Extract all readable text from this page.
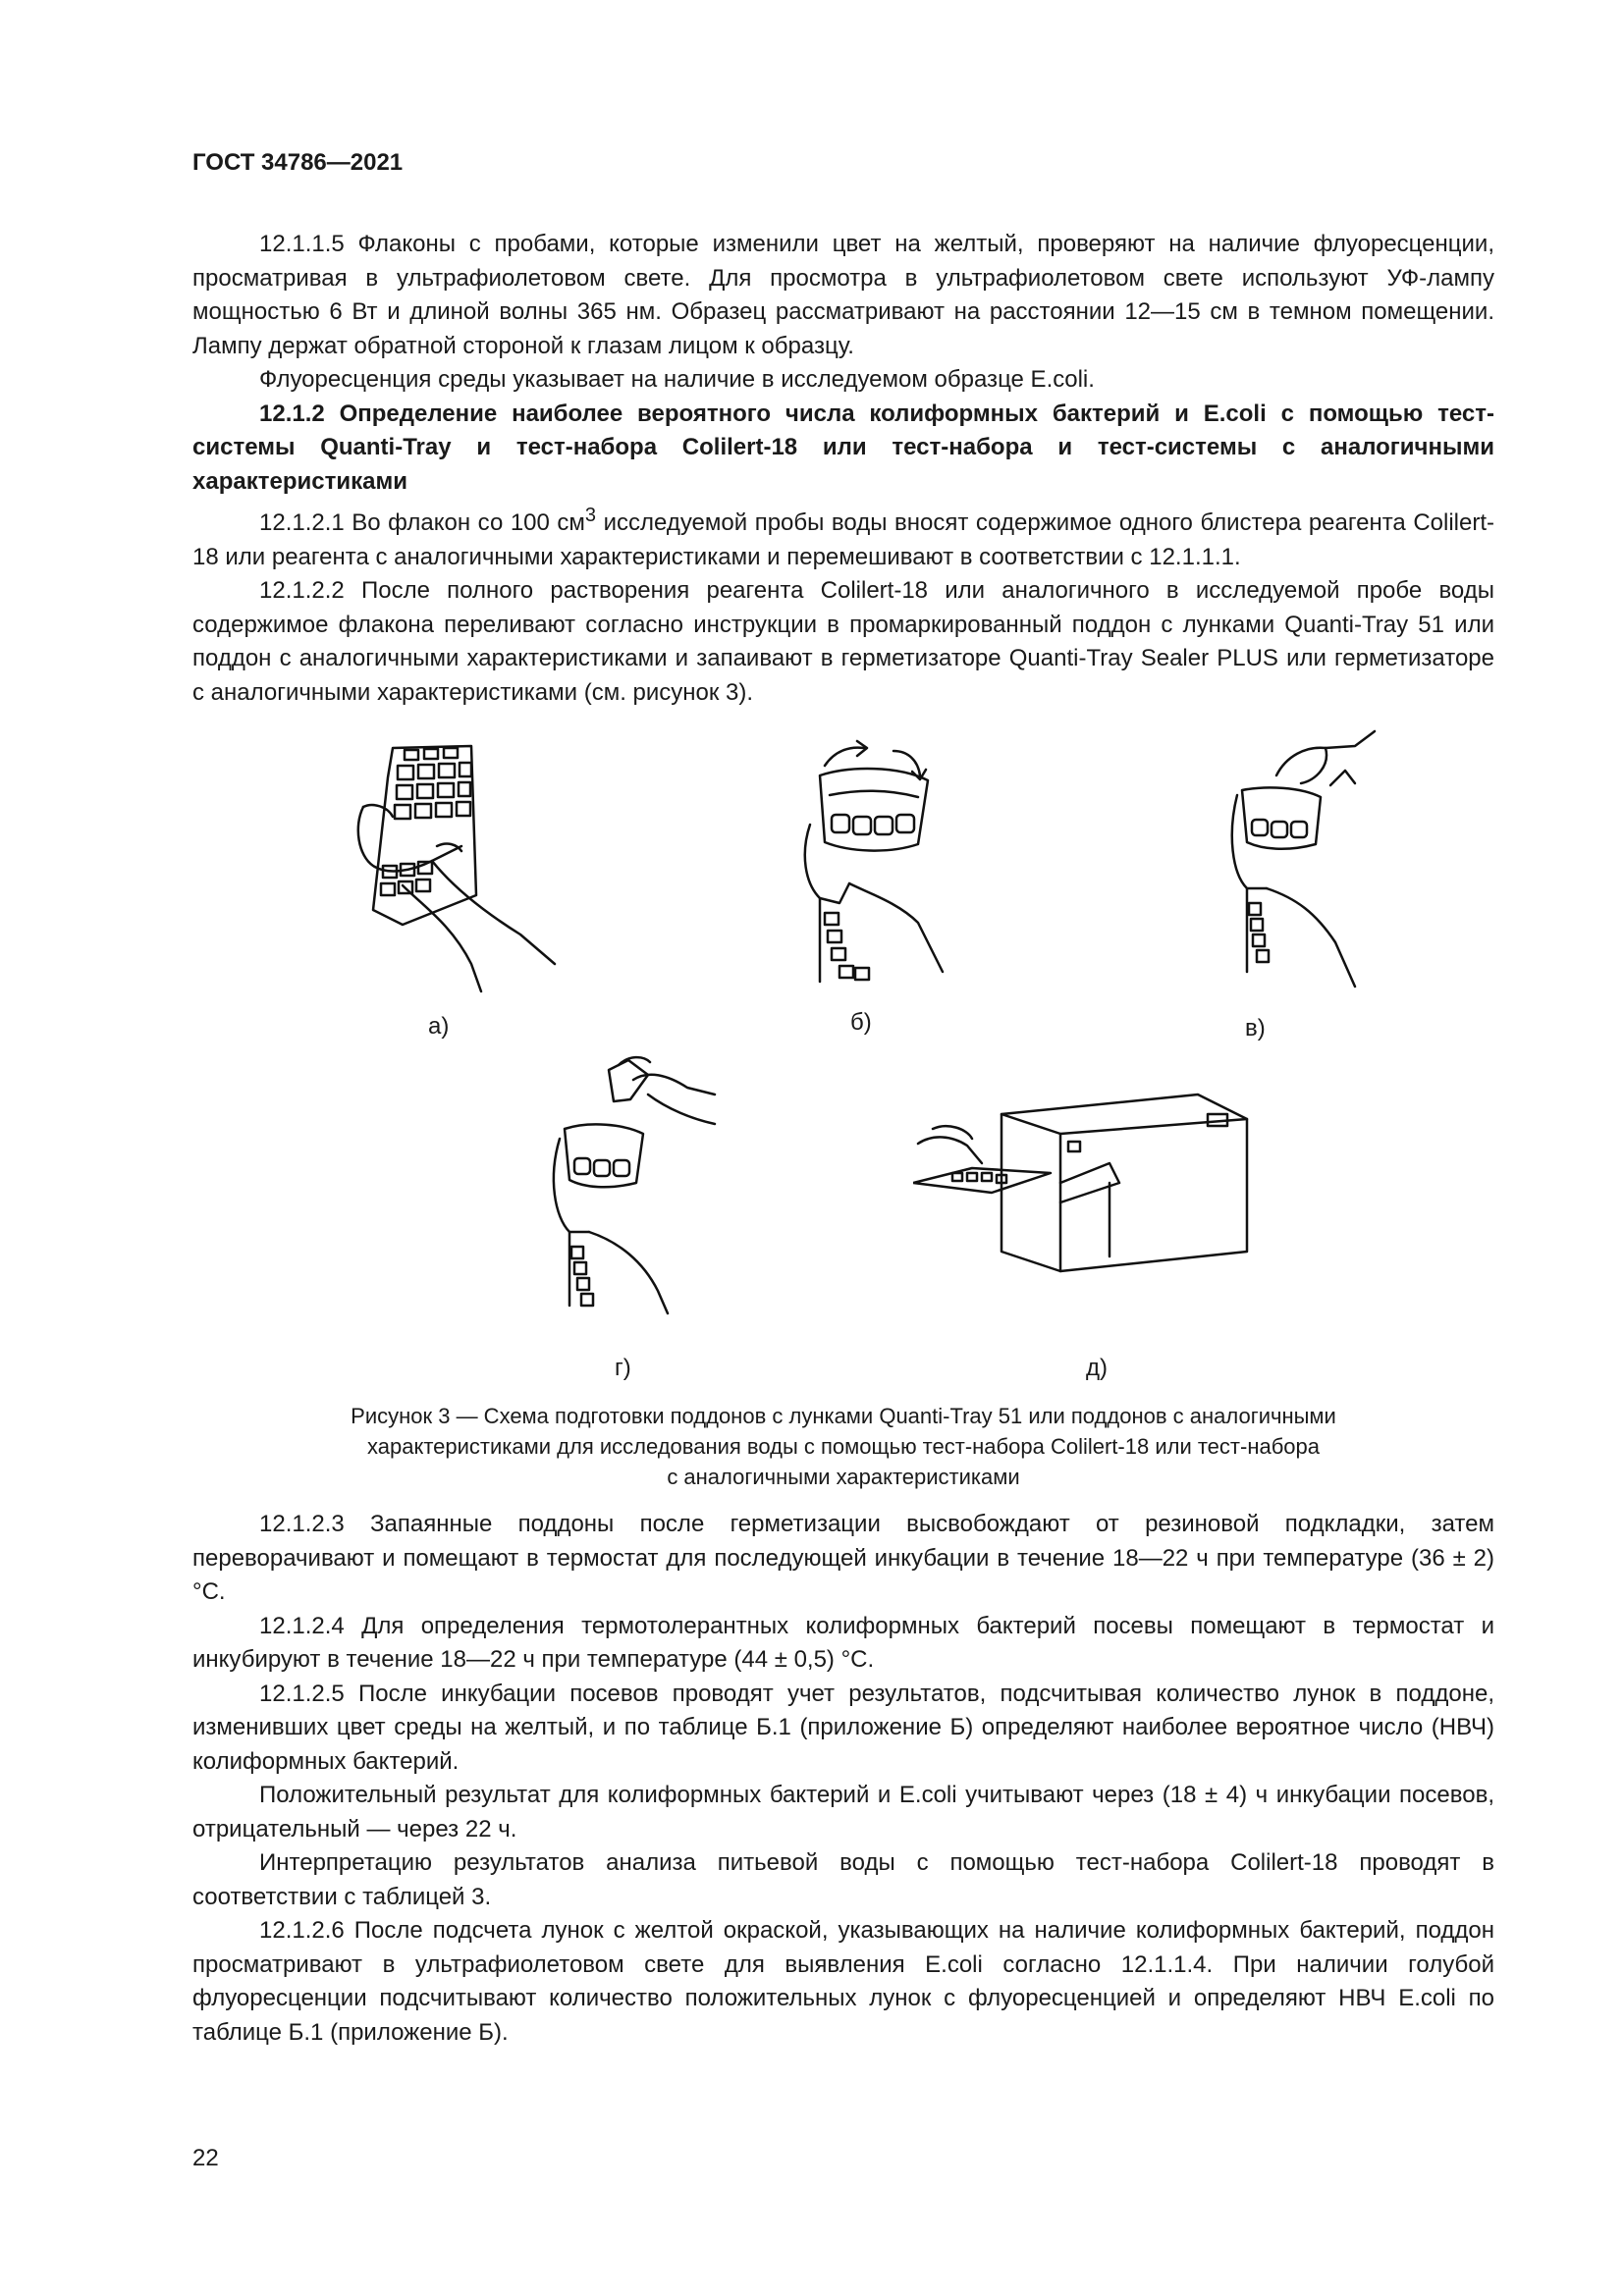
ГОСТ 34786—2021

12.1.1.5 Флаконы с пробами, которые изменили цвет на желтый, проверяют на наличие флуоресценции, просматривая в ультрафиолетовом свете. Для просмотра в ультрафиолетовом свете используют УФ-лампу мощностью 6 Вт и длиной волны 365 нм. Образец рассматривают на расстоянии 12—15 см в темном помещении. Лампу держат обратной стороной к глазам лицом к образцу.

Флуоресценция среды указывает на наличие в исследуемом образце E.coli.

12.1.2 Определение наиболее вероятного числа колиформных бактерий и E.coli с помощью тест-системы Quanti-Tray и тест-набора Colilert-18 или тест-набора и тест-системы с аналогичными характеристиками

12.1.2.1 Во флакон со 100 $см^3$ исследуемой пробы воды вносят содержимое одного блистера реагента Colilert-18 или реагента с аналогичными характеристиками и перемешивают в соответствии с 12.1.1.1.

12.1.2.2 После полного растворения реагента Colilert-18 или аналогичного в исследуемой пробе воды содержимое флакона переливают согласно инструкции в промаркированный поддон с лунками Quanti-Tray 51 или поддон с аналогичными характеристиками и запаивают в герметизаторе Quanti-Tray Sealer PLUS или герметизаторе с аналогичными характеристиками (см. рисунок 3).

а)	б)	в)
г)	д)
Рисунок 3 — Схема подготовки поддонов с лунками Quanti-Tray 51 или поддонов с аналогичными
характеристиками для исследования воды с помощью тест-набора Colilert-18 или тест-набора
с аналогичными характеристиками

12.1.2.3 Запаянные поддоны после герметизации высвобождают от резиновой подкладки, затем переворачивают и помещают в термостат для последующей инкубации в течение 18—22 ч при температуре (36 ± 2) °С.

12.1.2.4 Для определения термотолерантных колиформных бактерий посевы помещают в термостат и инкубируют в течение 18—22 ч при температуре (44 ± 0,5) °С.

12.1.2.5 После инкубации посевов проводят учет результатов, подсчитывая количество лунок в поддоне, изменивших цвет среды на желтый, и по таблице Б.1 (приложение Б) определяют наиболее вероятное число (НВЧ) колиформных бактерий.

Положительный результат для колиформных бактерий и E.coli учитывают через (18 ± 4) ч инкубации посевов, отрицательный — через 22 ч.

Интерпретацию результатов анализа питьевой воды с помощью тест-набора Colilert-18 проводят в соответствии с таблицей 3.

12.1.2.6 После подсчета лунок с желтой окраской, указывающих на наличие колиформных бактерий, поддон просматривают в ультрафиолетовом свете для выявления E.coli согласно 12.1.1.4. При наличии голубой флуоресценции подсчитывают количество положительных лунок с флуоресценцией и определяют НВЧ E.coli по таблице Б.1 (приложение Б).

22
